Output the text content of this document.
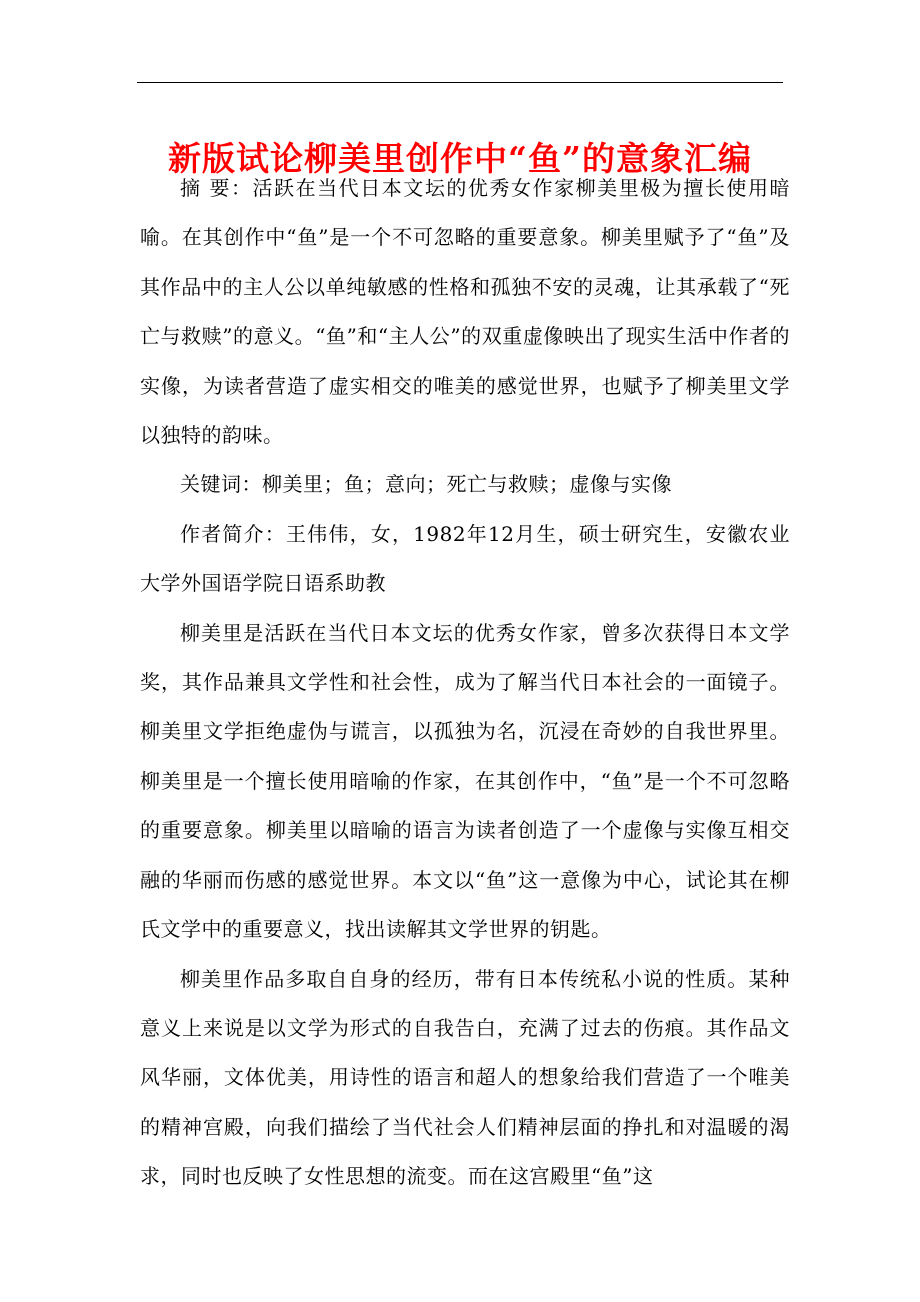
新版试论柳美里创作中“鱼”的意象汇编

摘 要：活跃在当代日本文坛的优秀女作家柳美里极为擅长使用暗喻。在其创作中“鱼”是一个不可忽略的重要意象。柳美里赋予了“鱼”及其作品中的主人公以单纯敏感的性格和孤独不安的灵魂，让其承载了“死亡与救赎”的意义。“鱼”和“主人公”的双重虚像映出了现实生活中作者的实像，为读者营造了虚实相交的唯美的感觉世界，也赋予了柳美里文学以独特的韵味。

关键词：柳美里；鱼；意向；死亡与救赎；虚像与实像

作者简介：王伟伟，女，1982年12月生，硕士研究生，安徽农业大学外国语学院日语系助教

柳美里是活跃在当代日本文坛的优秀女作家，曾多次获得日本文学奖，其作品兼具文学性和社会性，成为了解当代日本社会的一面镜子。柳美里文学拒绝虚伪与谎言，以孤独为名，沉浸在奇妙的自我世界里。柳美里是一个擅长使用暗喻的作家，在其创作中，“鱼”是一个不可忽略的重要意象。柳美里以暗喻的语言为读者创造了一个虚像与实像互相交融的华丽而伤感的感觉世界。本文以“鱼”这一意像为中心，试论其在柳氏文学中的重要意义，找出读解其文学世界的钥匙。

柳美里作品多取自自身的经历，带有日本传统私小说的性质。某种意义上来说是以文学为形式的自我告白，充满了过去的伤痕。其作品文风华丽，文体优美，用诗性的语言和超人的想象给我们营造了一个唯美的精神宫殿，向我们描绘了当代社会人们精神层面的挣扎和对温暖的渴求，同时也反映了女性思想的流变。而在这宫殿里“鱼”这
